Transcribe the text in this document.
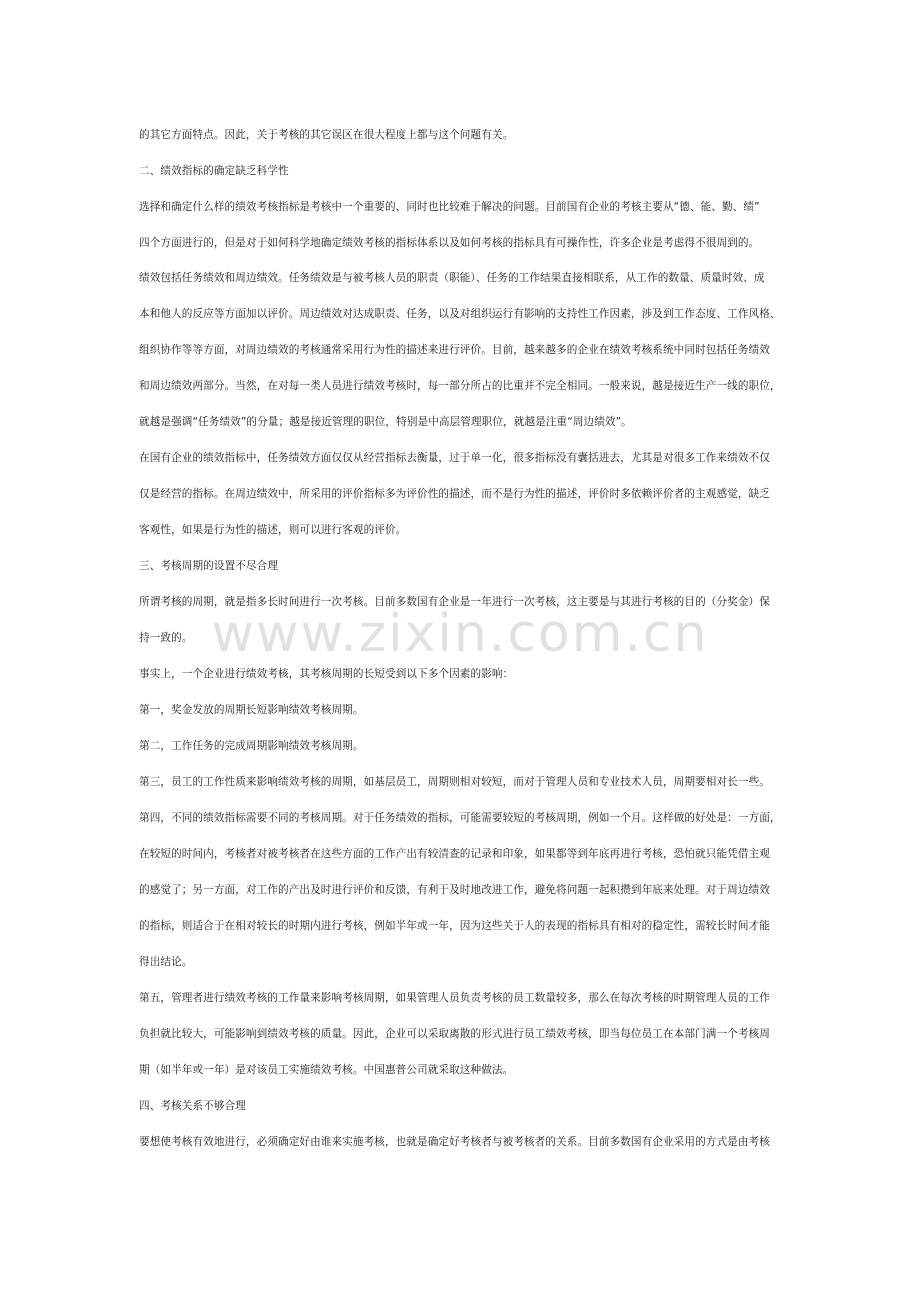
的其它方面特点。因此，关于考核的其它误区在很大程度上都与这个问题有关。
二、绩效指标的确定缺乏科学性
选择和确定什么样的绩效考核指标是考核中一个重要的、同时也比较难于解决的问题。目前国有企业的考核主要从“德、能、勤、绩”
四个方面进行的，但是对于如何科学地确定绩效考核的指标体系以及如何考核的指标具有可操作性，许多企业是考虑得不很周到的。
绩效包括任务绩效和周边绩效。任务绩效是与被考核人员的职责（职能）、任务的工作结果直接相联系，从工作的数量、质量时效、成
本和他人的反应等方面加以评价。周边绩效对达成职责、任务，以及对组织运行有影响的支持性工作因素，涉及到工作态度、工作风格、
组织协作等等方面，对周边绩效的考核通常采用行为性的描述来进行评价。目前，越来越多的企业在绩效考核系统中同时包括任务绩效
和周边绩效两部分。当然，在对每一类人员进行绩效考核时，每一部分所占的比重并不完全相同。一般来说，越是接近生产一线的职位，
就越是强调“任务绩效”的分量；越是接近管理的职位，特别是中高层管理职位，就越是注重“周边绩效”。
在国有企业的绩效指标中，任务绩效方面仅仅从经营指标去衡量，过于单一化，很多指标没有囊括进去，尤其是对很多工作来绩效不仅
仅是经营的指标。在周边绩效中，所采用的评价指标多为评价性的描述，而不是行为性的描述，评价时多依赖评价者的主观感觉，缺乏
客观性，如果是行为性的描述，则可以进行客观的评价。
三、考核周期的设置不尽合理
所谓考核的周期，就是指多长时间进行一次考核。目前多数国有企业是一年进行一次考核，这主要是与其进行考核的目的（分奖金）保
持一致的。
事实上，一个企业进行绩效考核，其考核周期的长短受到以下多个因素的影响：
第一，奖金发放的周期长短影响绩效考核周期。
第二，工作任务的完成周期影响绩效考核周期。
第三，员工的工作性质来影响绩效考核的周期，如基层员工，周期则相对较短，而对于管理人员和专业技术人员，周期要相对长一些。
第四，不同的绩效指标需要不同的考核周期。对于任务绩效的指标，可能需要较短的考核周期，例如一个月。这样做的好处是：一方面，
在较短的时间内，考核者对被考核者在这些方面的工作产出有较清查的记录和印象，如果都等到年底再进行考核，恐怕就只能凭借主观
的感觉了；另一方面，对工作的产出及时进行评价和反馈，有利于及时地改进工作，避免将问题一起积攒到年底来处理。对于周边绩效
的指标，则适合于在相对较长的时期内进行考核，例如半年或一年，因为这些关于人的表现的指标具有相对的稳定性，需较长时间才能
得出结论。
第五，管理者进行绩效考核的工作量来影响考核周期，如果管理人员负责考核的员工数量较多，那么在每次考核的时期管理人员的工作
负担就比较大，可能影响到绩效考核的质量。因此，企业可以采取离散的形式进行员工绩效考核，即当每位员工在本部门满一个考核周
期（如半年或一年）是对该员工实施绩效考核。中国惠普公司就采取这种做法。
四、考核关系不够合理
要想使考核有效地进行，必须确定好由谁来实施考核，也就是确定好考核者与被考核者的关系。目前多数国有企业采用的方式是由考核
www.zixin.com.cn
